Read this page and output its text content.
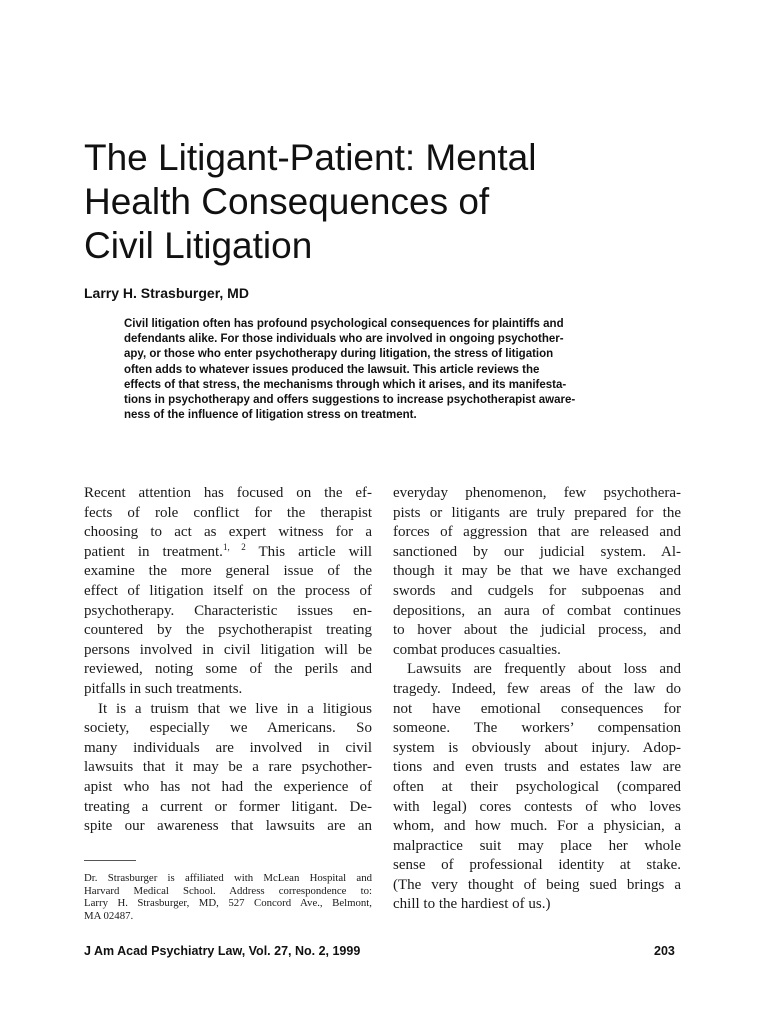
The Litigant-Patient: Mental
Health Consequences of
Civil Litigation
Larry H. Strasburger, MD
Civil litigation often has profound psychological consequences for plaintiffs and
defendants alike. For those individuals who are involved in ongoing psychother-
apy, or those who enter psychotherapy during litigation, the stress of litigation
often adds to whatever issues produced the lawsuit. This article reviews the
effects of that stress, the mechanisms through which it arises, and its manifesta-
tions in psychotherapy and offers suggestions to increase psychotherapist aware-
ness of the influence of litigation stress on treatment.
Recent attention has focused on the ef-
fects of role conflict for the therapist
choosing to act as expert witness for a
patient in treatment.$^{1, 2}$ This article will
examine the more general issue of the
effect of litigation itself on the process of
psychotherapy. Characteristic issues en-
countered by the psychotherapist treating
persons involved in civil litigation will be
reviewed, noting some of the perils and
pitfalls in such treatments.
It is a truism that we live in a litigious
society, especially we Americans. So
many individuals are involved in civil
lawsuits that it may be a rare psychother-
apist who has not had the experience of
treating a current or former litigant. De-
spite our awareness that lawsuits are an
everyday phenomenon, few psychothera-
pists or litigants are truly prepared for the
forces of aggression that are released and
sanctioned by our judicial system. Al-
though it may be that we have exchanged
swords and cudgels for subpoenas and
depositions, an aura of combat continues
to hover about the judicial process, and
combat produces casualties.
Lawsuits are frequently about loss and
tragedy. Indeed, few areas of the law do
not have emotional consequences for
someone. The workers’ compensation
system is obviously about injury. Adop-
tions and even trusts and estates law are
often at their psychological (compared
with legal) cores contests of who loves
whom, and how much. For a physician, a
malpractice suit may place her whole
sense of professional identity at stake.
(The very thought of being sued brings a
chill to the hardiest of us.)
Dr. Strasburger is affiliated with McLean Hospital and
Harvard Medical School. Address correspondence to:
Larry H. Strasburger, MD, 527 Concord Ave., Belmont,
MA 02487.
J Am Acad Psychiatry Law, Vol. 27, No. 2, 1999	203
